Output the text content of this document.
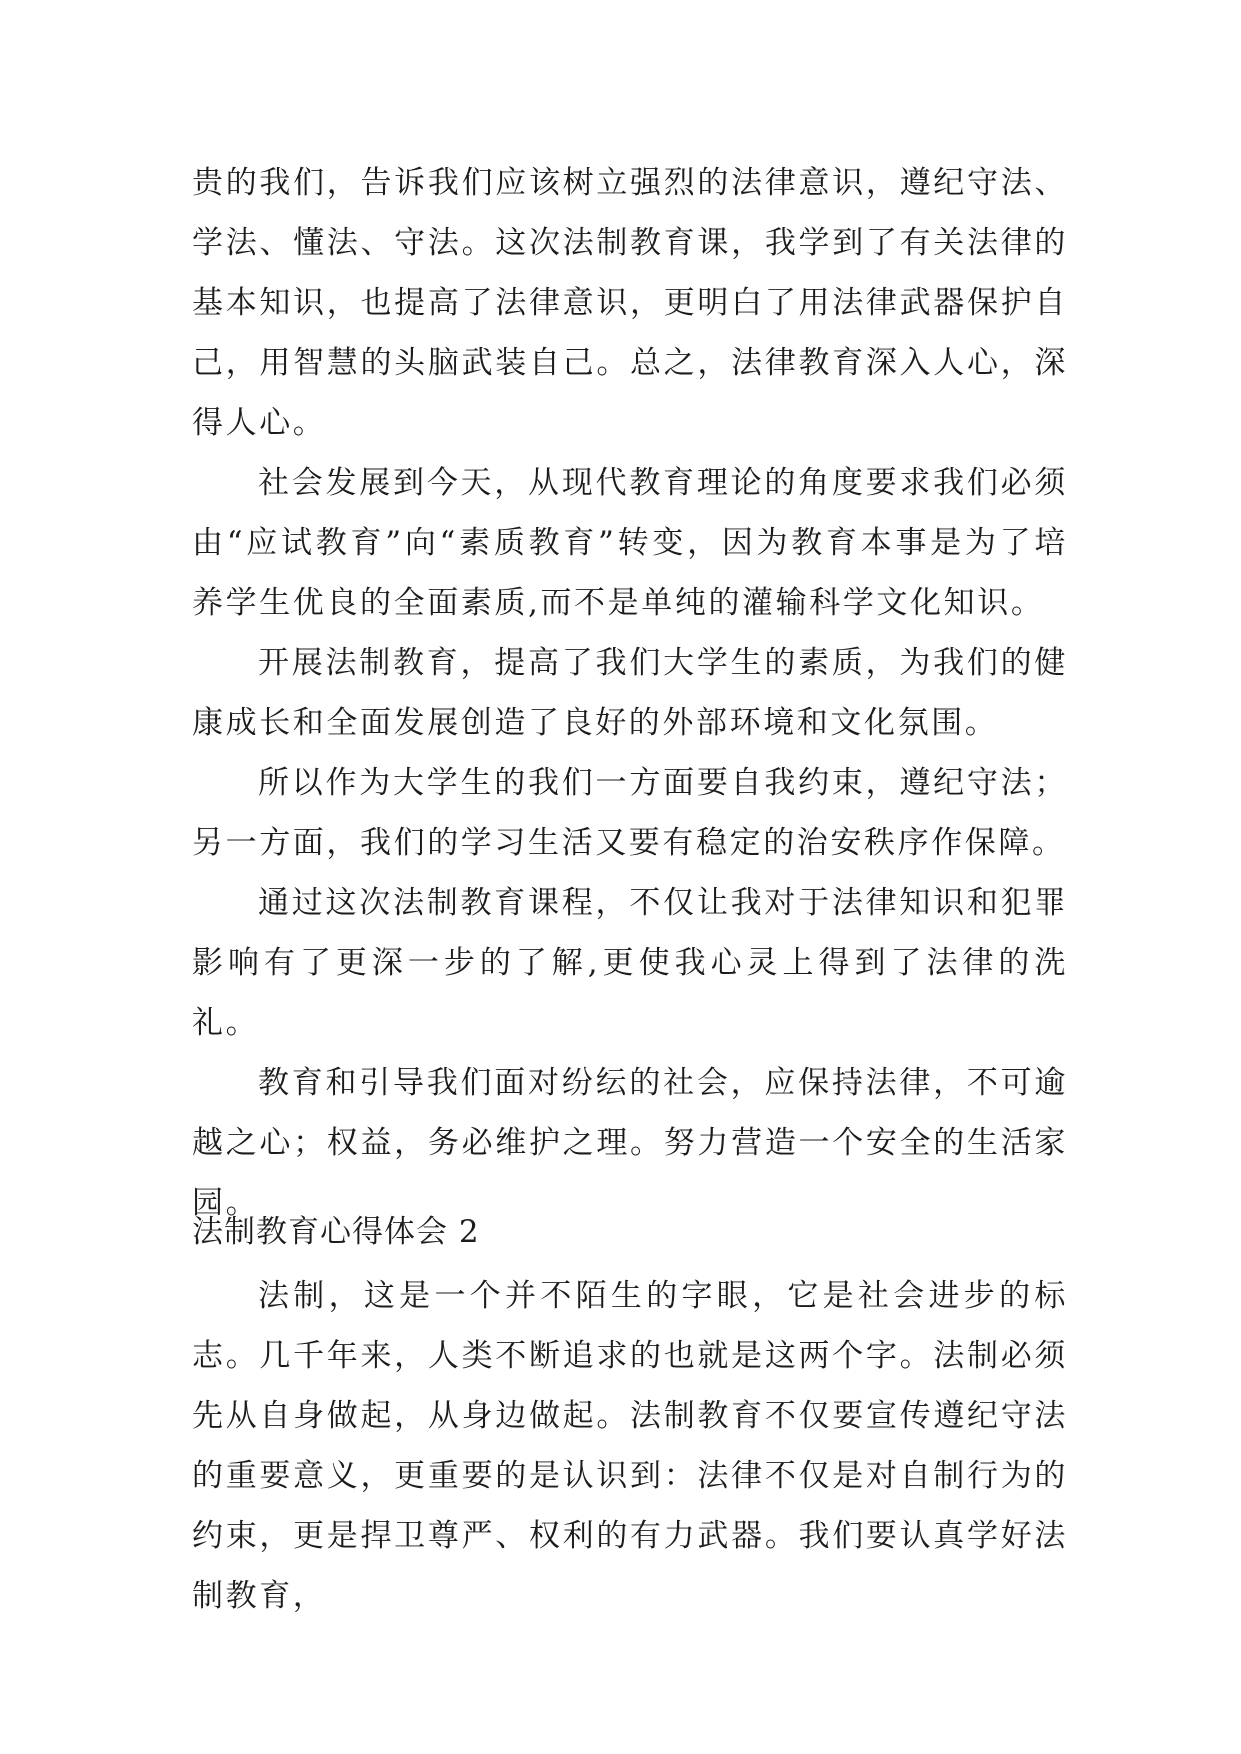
贵的我们，告诉我们应该树立强烈的法律意识，遵纪守法、学法、懂法、守法。这次法制教育课，我学到了有关法律的基本知识，也提高了法律意识，更明白了用法律武器保护自己，用智慧的头脑武装自己。总之，法律教育深入人心，深得人心。

社会发展到今天，从现代教育理论的角度要求我们必须由“应试教育”向“素质教育”转变，因为教育本事是为了培养学生优良的全面素质,而不是单纯的灌输科学文化知识。

开展法制教育，提高了我们大学生的素质，为我们的健康成长和全面发展创造了良好的外部环境和文化氛围。

所以作为大学生的我们一方面要自我约束，遵纪守法；另一方面，我们的学习生活又要有稳定的治安秩序作保障。

通过这次法制教育课程，不仅让我对于法律知识和犯罪影响有了更深一步的了解,更使我心灵上得到了法律的洗礼。

教育和引导我们面对纷纭的社会，应保持法律，不可逾越之心；权益，务必维护之理。努力营造一个安全的生活家园。

法制教育心得体会 2

法制，这是一个并不陌生的字眼，它是社会进步的标志。几千年来，人类不断追求的也就是这两个字。法制必须先从自身做起，从身边做起。法制教育不仅要宣传遵纪守法的重要意义，更重要的是认识到：法律不仅是对自制行为的约束，更是捍卫尊严、权利的有力武器。我们要认真学好法制教育，
